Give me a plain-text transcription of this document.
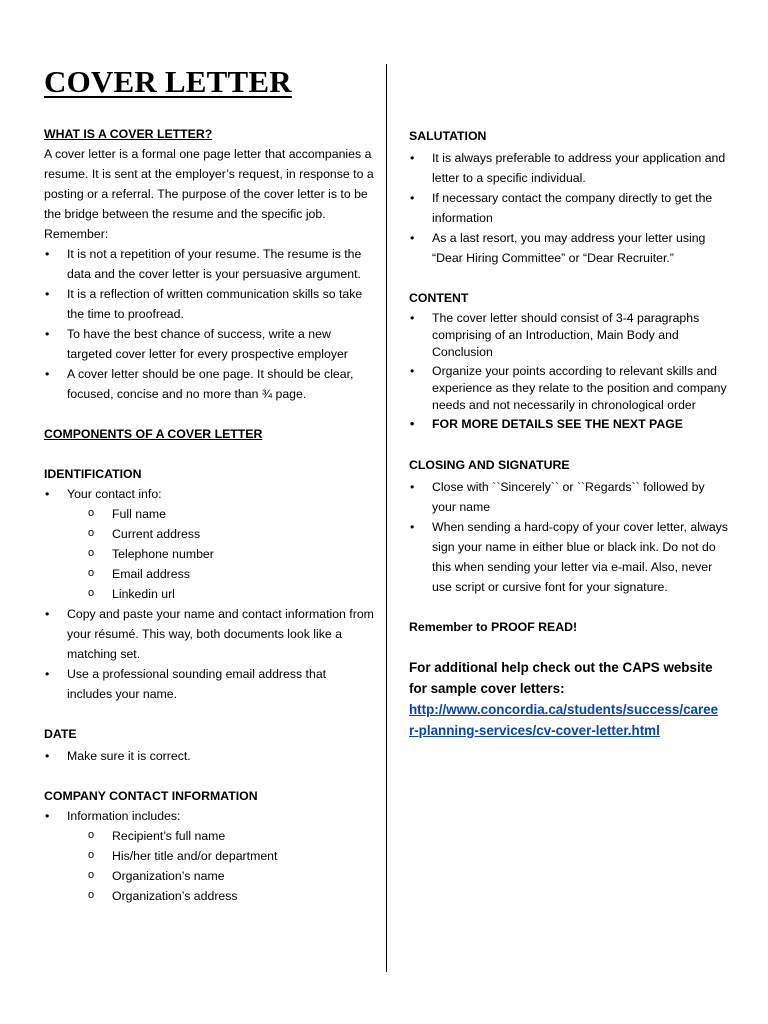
COVER LETTER

WHAT IS A COVER LETTER?

A cover letter is a formal one page letter that accompanies a resume. It is sent at the employer’s request, in response to a posting or a referral. The purpose of the cover letter is to be the bridge between the resume and the specific job.

Remember:

• It is not a repetition of your resume. The resume is the data and the cover letter is your persuasive argument.
• It is a reflection of written communication skills so take the time to proofread.
• To have the best chance of success, write a new targeted cover letter for every prospective employer
• A cover letter should be one page. It should be clear, focused, concise and no more than ¾ page.

COMPONENTS OF A COVER LETTER

IDENTIFICATION

• Your contact info:
o Full name
o Current address
o Telephone number
o Email address
o Linkedin url
• Copy and paste your name and contact information from your résumé. This way, both documents look like a matching set.
• Use a professional sounding email address that includes your name.

DATE

• Make sure it is correct.

COMPANY CONTACT INFORMATION

• Information includes:
o Recipient’s full name
o His/her title and/or department
o Organization’s name
o Organization’s address

SALUTATION

• It is always preferable to address your application and letter to a specific individual.
• If necessary contact the company directly to get the information
• As a last resort, you may address your letter using “Dear Hiring Committee” or “Dear Recruiter.”

CONTENT

• The cover letter should consist of 3-4 paragraphs comprising of an Introduction, Main Body and Conclusion
• Organize your points according to relevant skills and experience as they relate to the position and company needs and not necessarily in chronological order
• FOR MORE DETAILS SEE THE NEXT PAGE

CLOSING AND SIGNATURE

• Close with ``Sincerely`` or ``Regards`` followed by your name
• When sending a hard-copy of your cover letter, always sign your name in either blue or black ink. Do not do this when sending your letter via e-mail. Also, never use script or cursive font for your signature.

Remember to PROOF READ!

For additional help check out the CAPS website for sample cover letters:

http://www.concordia.ca/students/success/caree
r-planning-services/cv-cover-letter.html
